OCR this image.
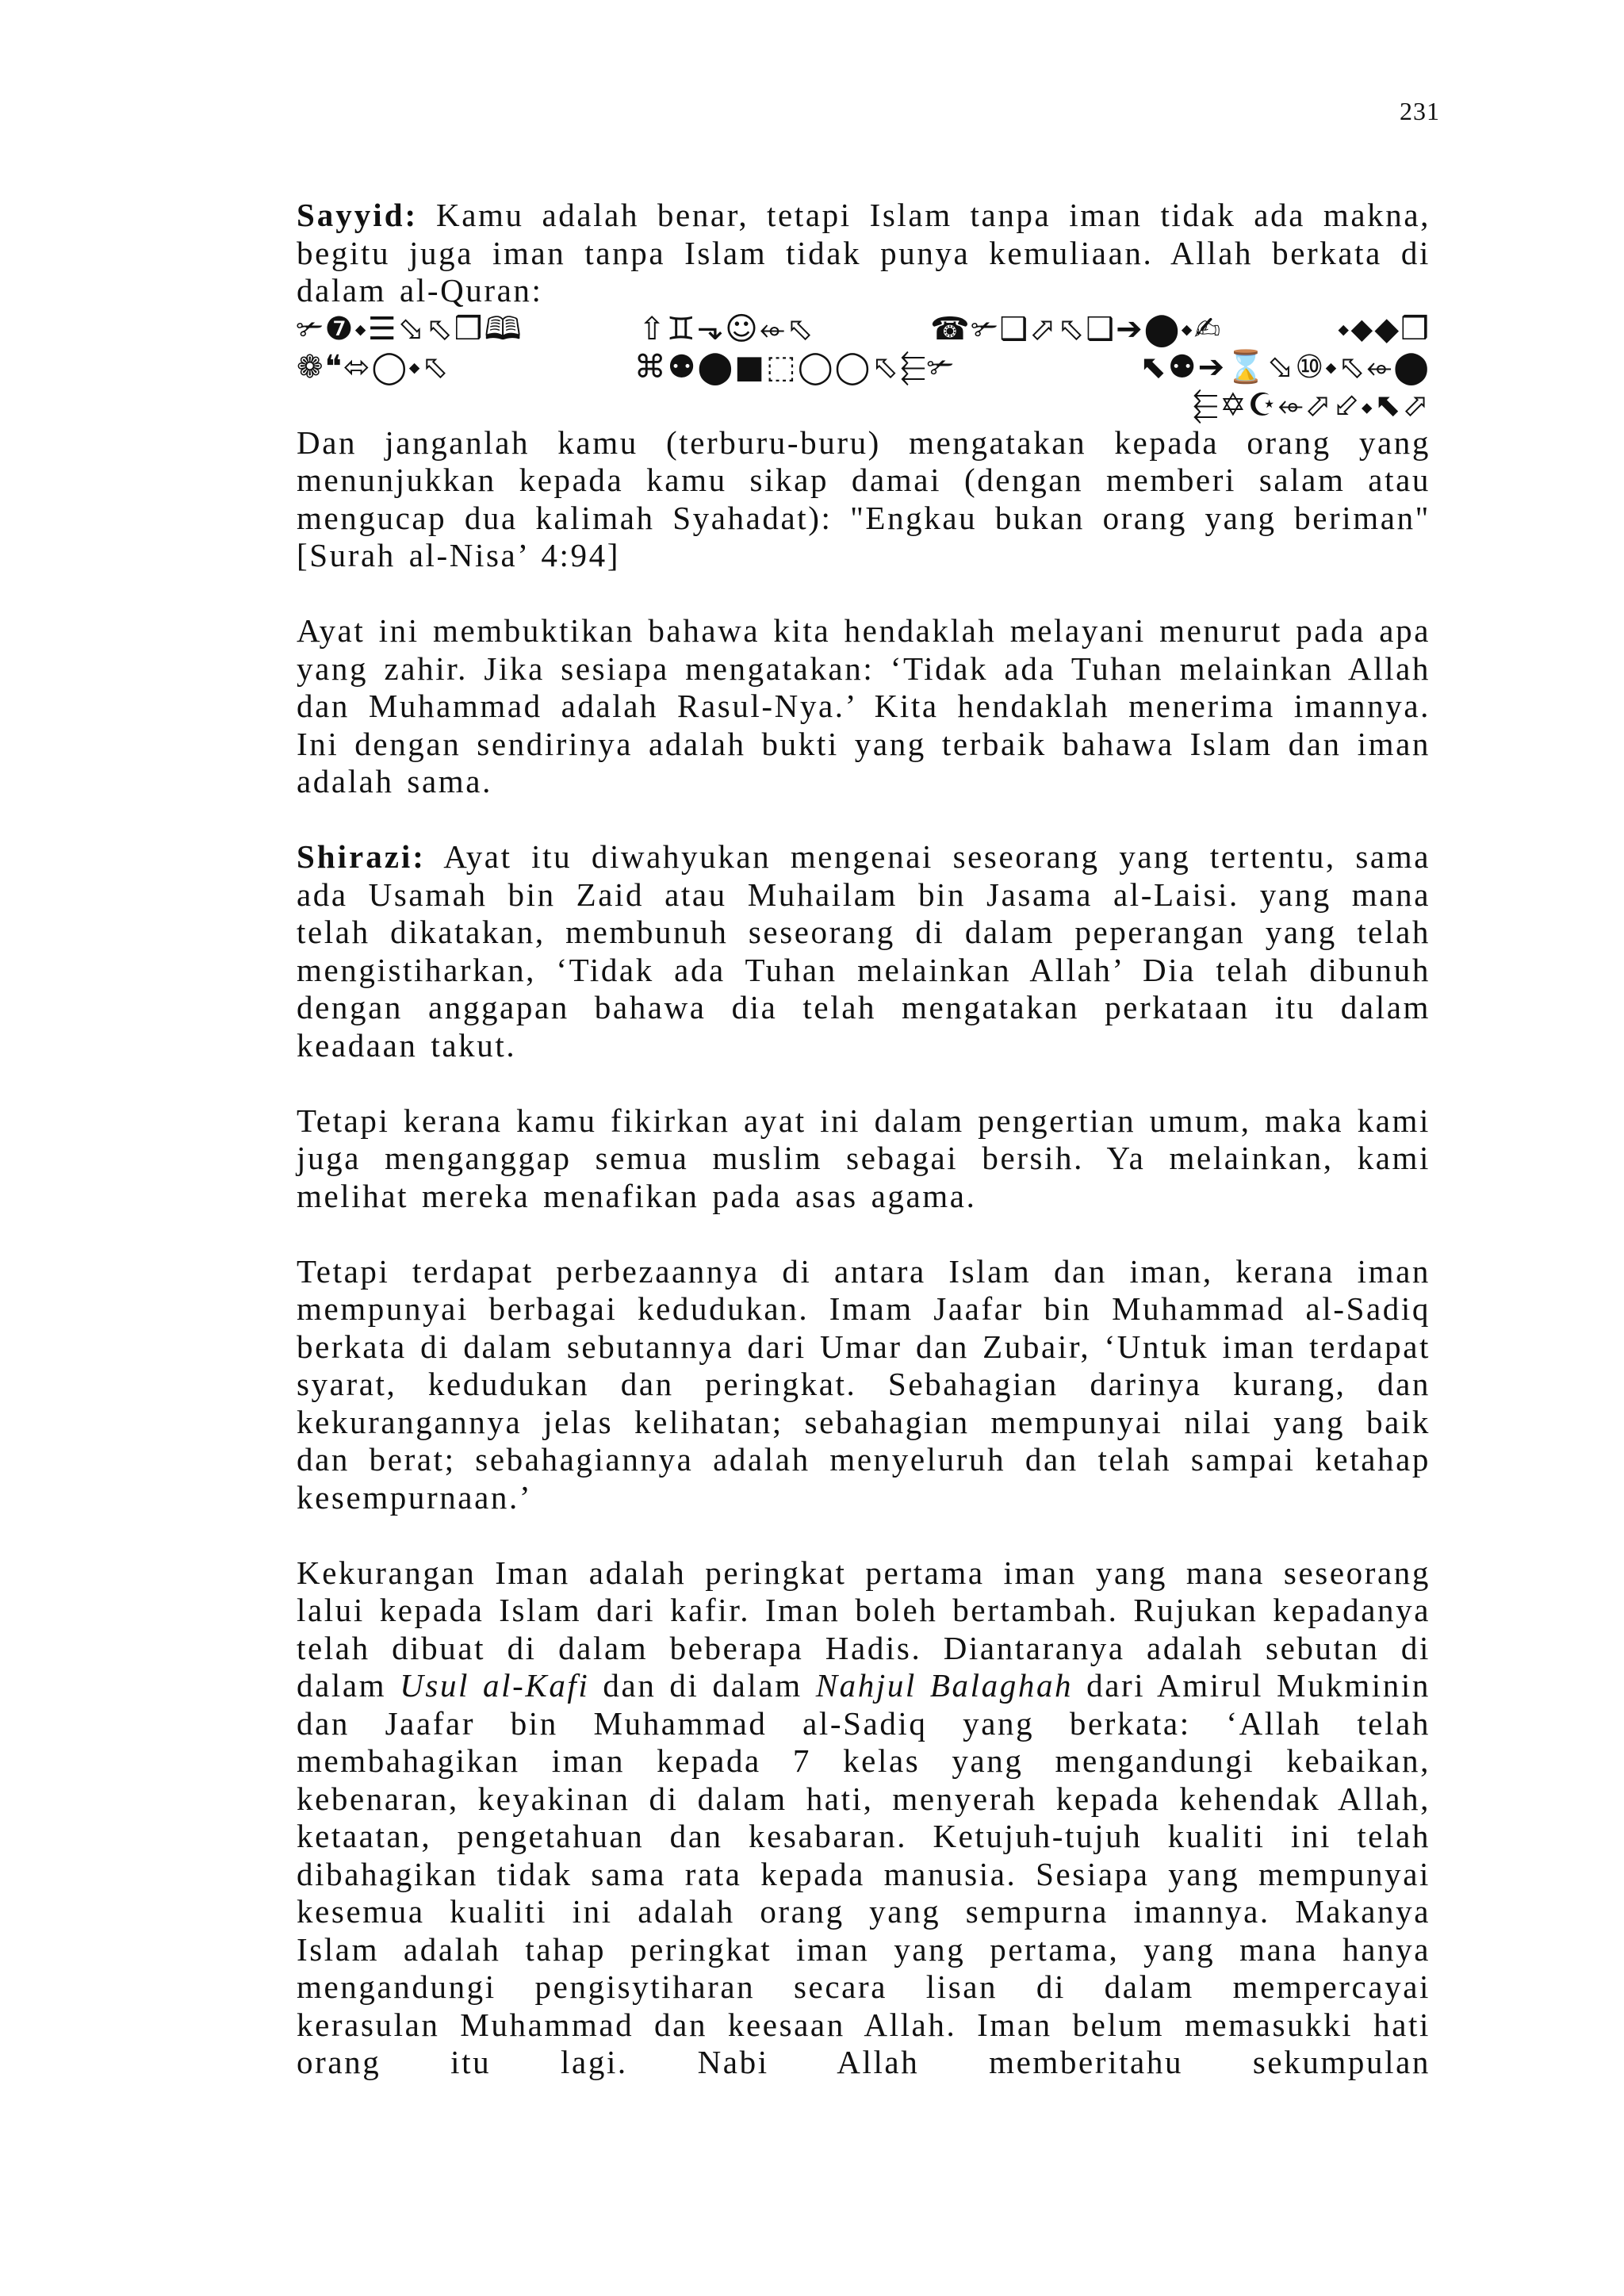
231

Sayyid: Kamu adalah benar, tetapi Islam tanpa iman tidak ada makna, begitu juga iman tanpa Islam tidak punya kemuliaan. Allah berkata di dalam al-Quran:

✃❼⬩☰⬂⬁❒🕮	⇧♊⬎☺⬰⬁	☎✃❑⬀⬁❑➔⬤⬩✍	⬩⬥◆❒
❁❝⬄◯⬩⬁	⌘⚉⬤■⬚◯◯⬁⬱✃	⬉⚉➔⌛⬂⑩⬩⬁⬰⬤
⬱✡☪⬰⬀⬃⬩⬉⬀

Dan janganlah kamu (terburu-buru) mengatakan kepada orang yang menunjukkan kepada kamu sikap damai (dengan memberi salam atau mengucap dua kalimah Syahadat): "Engkau bukan orang yang beriman" [Surah al-Nisa’ 4:94]

Ayat ini membuktikan bahawa kita hendaklah melayani menurut pada apa yang zahir. Jika sesiapa mengatakan: ‘Tidak ada Tuhan melainkan Allah dan Muhammad adalah Rasul-Nya.’ Kita hendaklah menerima imannya. Ini dengan sendirinya adalah bukti yang terbaik bahawa Islam dan iman adalah sama.

Shirazi: Ayat itu diwahyukan mengenai seseorang yang tertentu, sama ada Usamah bin Zaid atau Muhailam bin Jasama al-Laisi. yang mana telah dikatakan, membunuh seseorang di dalam peperangan yang telah mengistiharkan, ‘Tidak ada Tuhan melainkan Allah’ Dia telah dibunuh dengan anggapan bahawa dia telah mengatakan perkataan itu dalam keadaan takut.

Tetapi kerana kamu fikirkan ayat ini dalam pengertian umum, maka kami juga menganggap semua muslim sebagai bersih. Ya melainkan, kami melihat mereka menafikan pada asas agama.

Tetapi terdapat perbezaannya di antara Islam dan iman, kerana iman mempunyai berbagai kedudukan. Imam Jaafar bin Muhammad al-Sadiq berkata di dalam sebutannya dari Umar dan Zubair, ‘Untuk iman terdapat syarat, kedudukan dan peringkat. Sebahagian darinya kurang, dan kekurangannya jelas kelihatan; sebahagian mempunyai nilai yang baik dan berat; sebahagiannya adalah menyeluruh dan telah sampai ketahap kesempurnaan.’

Kekurangan Iman adalah peringkat pertama iman yang mana seseorang lalui kepada Islam dari kafir. Iman boleh bertambah. Rujukan kepadanya telah dibuat di dalam beberapa Hadis. Diantaranya adalah sebutan di dalam Usul al-Kafi dan di dalam Nahjul Balaghah dari Amirul Mukminin dan Jaafar bin Muhammad al-Sadiq yang berkata: ‘Allah telah membahagikan iman kepada 7 kelas yang mengandungi kebaikan, kebenaran, keyakinan di dalam hati, menyerah kepada kehendak Allah, ketaatan, pengetahuan dan kesabaran. Ketujuh-tujuh kualiti ini telah dibahagikan tidak sama rata kepada manusia. Sesiapa yang mempunyai kesemua kualiti ini adalah orang yang sempurna imannya. Makanya Islam adalah tahap peringkat iman yang pertama, yang mana hanya mengandungi pengisytiharan secara lisan di dalam mempercayai kerasulan Muhammad dan keesaan Allah. Iman belum memasukki hati orang itu lagi. Nabi Allah memberitahu sekumpulan
